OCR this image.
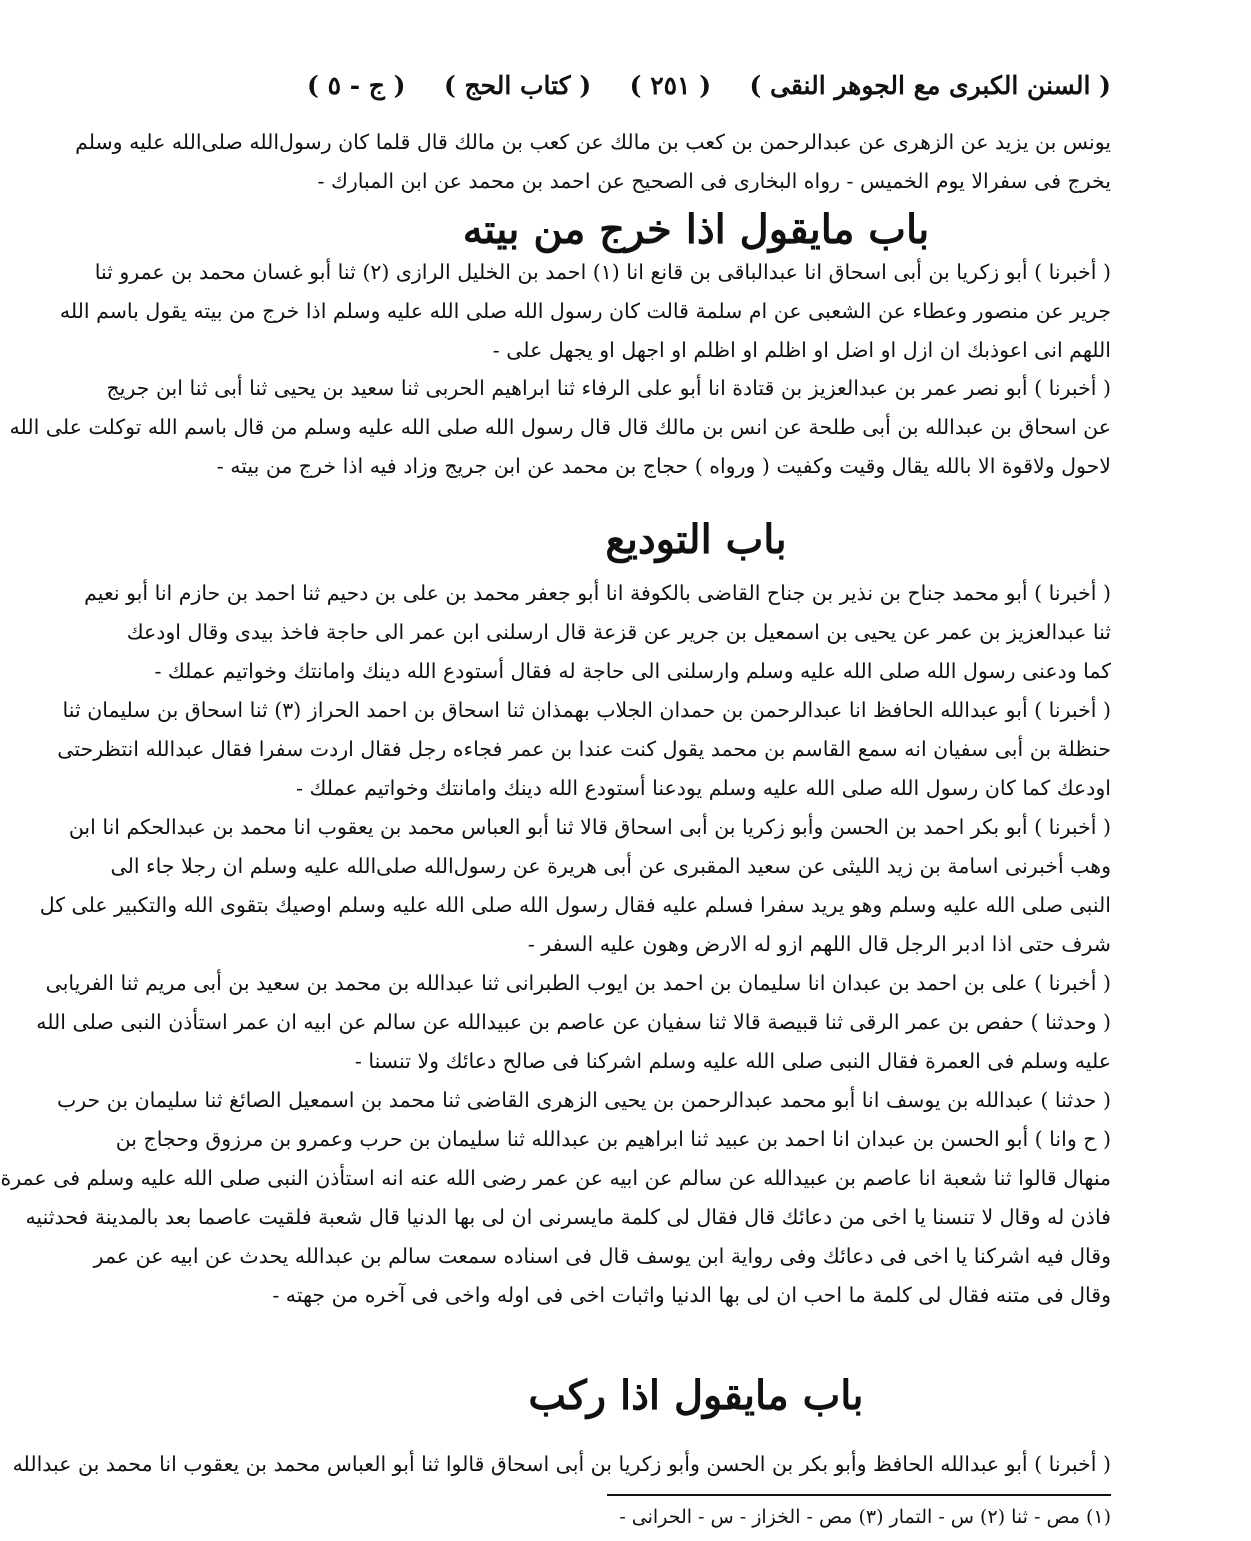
( السنن الكبرى مع الجوهر النقى )
( ٢٥١ )
( كتاب الحج )
( ج - ٥ )
يونس بن يزيد عن الزهرى عن عبدالرحمن بن كعب بن مالك عن كعب بن مالك قال قلما كان رسول‌الله صلى‌الله عليه وسلم
يخرج فى سفرالا يوم الخميس - رواه البخارى فى الصحيح عن احمد بن محمد عن ابن المبارك -
باب مايقول اذا خرج من بيته
( أخبرنا ) أبو زكريا بن أبى اسحاق انا عبدالباقى بن قانع انا (١) احمد بن الخليل الرازى (٢) ثنا أبو غسان محمد بن عمرو ثنا
جرير عن منصور وعطاء عن الشعبى عن ام سلمة قالت كان رسول الله صلى الله عليه وسلم اذا خرج من بيته يقول باسم الله
اللهم انى اعوذبك ان ازل او اضل او اظلم او اظلم او اجهل او يجهل على -
( أخبرنا ) أبو نصر عمر بن عبدالعزيز بن قتادة انا أبو على الرفاء ثنا ابراهيم الحربى ثنا سعيد بن يحيى ثنا أبى ثنا ابن جريج
عن اسحاق بن عبدالله بن أبى طلحة عن انس بن مالك قال قال رسول الله صلى الله عليه وسلم من قال باسم الله توكلت على الله
لاحول ولاقوة الا بالله يقال وقيت وكفيت ( ورواه ) حجاج بن محمد عن ابن جريج وزاد فيه اذا خرج من بيته -
باب التوديع
( أخبرنا ) أبو محمد جناح بن نذير بن جناح القاضى بالكوفة انا أبو جعفر محمد بن على بن دحيم ثنا احمد بن حازم انا أبو نعيم
ثنا عبدالعزيز بن عمر عن يحيى بن اسمعيل بن جرير عن قزعة قال ارسلنى ابن عمر الى حاجة فاخذ بيدى وقال اودعك
كما ودعنى رسول الله صلى الله عليه وسلم وارسلنى الى حاجة له فقال أستودع الله دينك وامانتك وخواتيم عملك -
( أخبرنا ) أبو عبدالله الحافظ انا عبدالرحمن بن حمدان الجلاب بهمذان ثنا اسحاق بن احمد الحراز (٣) ثنا اسحاق بن سليمان ثنا
حنظلة بن أبى سفيان انه سمع القاسم بن محمد يقول كنت عندا بن عمر فجاءه رجل فقال اردت سفرا فقال عبدالله انتظرحتى
اودعك كما كان رسول الله صلى الله عليه وسلم يودعنا أستودع الله دينك وامانتك وخواتيم عملك -
( أخبرنا ) أبو بكر احمد بن الحسن وأبو زكريا بن أبى اسحاق قالا ثنا أبو العباس محمد بن يعقوب انا محمد بن عبدالحكم انا ابن
وهب أخبرنى اسامة بن زيد الليثى عن سعيد المقبرى عن أبى هريرة عن رسول‌الله صلى‌الله عليه وسلم ان رجلا جاء الى
النبى صلى الله عليه وسلم وهو يريد سفرا فسلم عليه فقال رسول الله صلى الله عليه وسلم اوصيك بتقوى الله والتكبير على كل
شرف حتى اذا ادبر الرجل قال اللهم ازو له الارض وهون عليه السفر -
( أخبرنا ) على بن احمد بن عبدان انا سليمان بن احمد بن ايوب الطبرانى ثنا عبدالله بن محمد بن سعيد بن أبى مريم ثنا الفريابى
( وحدثنا ) حفص بن عمر الرقى ثنا قبيصة قالا ثنا سفيان عن عاصم بن عبيدالله عن سالم عن ابيه ان عمر استأذن النبى صلى الله
عليه وسلم فى العمرة فقال النبى صلى الله عليه وسلم اشركنا فى صالح دعائك ولا تنسنا -
( حدثنا ) عبدالله بن يوسف انا أبو محمد عبدالرحمن بن يحيى الزهرى القاضى ثنا محمد بن اسمعيل الصائغ ثنا سليمان بن حرب
( ح وانا ) أبو الحسن بن عبدان انا احمد بن عبيد ثنا ابراهيم بن عبدالله ثنا سليمان بن حرب وعمرو بن مرزوق وحجاج بن
منهال قالوا ثنا شعبة انا عاصم بن عبيدالله عن سالم عن ابيه عن عمر رضى الله عنه انه استأذن النبى صلى الله عليه وسلم فى عمرة
فاذن له وقال لا تنسنا يا اخى من دعائك قال فقال لى كلمة مايسرنى ان لى بها الدنيا قال شعبة فلقيت عاصما بعد بالمدينة فحدثنيه
وقال فيه اشركنا يا اخى فى دعائك وفى رواية ابن يوسف قال فى اسناده سمعت سالم بن عبدالله يحدث عن ابيه عن عمر
وقال فى متنه فقال لى كلمة ما احب ان لى بها الدنيا واثبات اخى فى اوله واخى فى آخره من جهته -
باب مايقول اذا ركب
( أخبرنا ) أبو عبدالله الحافظ وأبو بكر بن الحسن وأبو زكريا بن أبى اسحاق قالوا ثنا أبو العباس محمد بن يعقوب انا محمد بن عبدالله
(١) مص - ثنا (٢) س - التمار (٣) مص - الخزاز - س - الحرانى -
